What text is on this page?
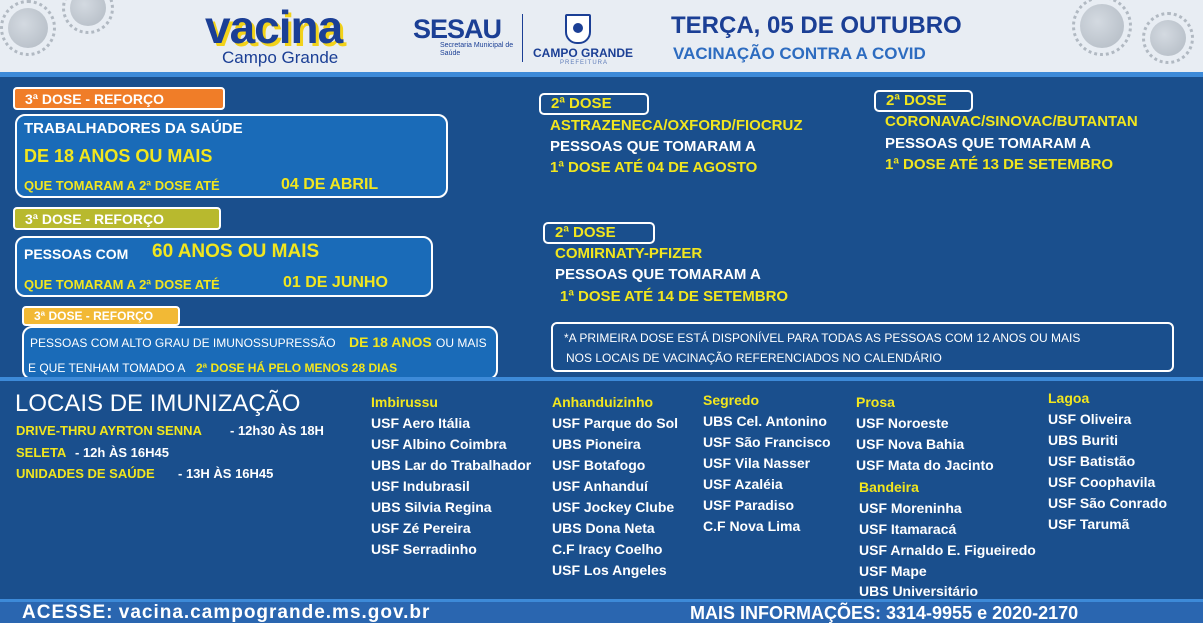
vacina
Campo Grande
SESAU
Secretaria Municipal de Saúde	CAMPO GRANDE
PREFEITURA
TERÇA, 05 DE OUTUBRO
VACINAÇÃO CONTRA A COVID
3ª DOSE - REFORÇO
TRABALHADORES DA SAÚDE
DE 18 ANOS OU MAIS
QUE TOMARAM A 2ª DOSE ATÉ	04 DE ABRIL
3ª DOSE - REFORÇO
PESSOAS COM 60 ANOS OU MAIS
QUE TOMARAM A 2ª DOSE ATÉ	01 DE JUNHO
3ª DOSE - REFORÇO
PESSOAS COM ALTO GRAU DE IMUNOSSUPRESSÃO DE 18 ANOS OU MAIS
E QUE TENHAM TOMADO A 2ª DOSE HÁ PELO MENOS 28 DIAS
2ª DOSE
ASTRAZENECA/OXFORD/FIOCRUZ
PESSOAS QUE TOMARAM A
1ª DOSE ATÉ 04 DE AGOSTO
2ª DOSE
CORONAVAC/SINOVAC/BUTANTAN
PESSOAS QUE TOMARAM A
1ª DOSE ATÉ 13 DE SETEMBRO
2ª DOSE
COMIRNATY-PFIZER
PESSOAS QUE TOMARAM A
1ª DOSE ATÉ 14 DE SETEMBRO
*A PRIMEIRA DOSE ESTÁ DISPONÍVEL PARA TODAS AS PESSOAS COM 12 ANOS OU MAIS
NOS LOCAIS DE VACINAÇÃO REFERENCIADOS NO CALENDÁRIO
LOCAIS DE IMUNIZAÇÃO
DRIVE-THRU AYRTON SENNA - 12h30 ÀS 18H
SELETA - 12h ÀS 16H45
UNIDADES DE SAÚDE - 13H ÀS 16H45
Imbirussu
USF Aero Itália
USF Albino Coimbra
UBS Lar do Trabalhador
USF Indubrasil
UBS Silvia Regina
USF Zé Pereira
USF Serradinho
Anhanduizinho
USF Parque do Sol
UBS Pioneira
USF Botafogo
USF Anhanduí
USF Jockey Clube
UBS Dona Neta
C.F Iracy Coelho
USF Los Angeles
Segredo
UBS Cel. Antonino
USF São Francisco
USF Vila Nasser
USF Azaléia
USF Paradiso
C.F Nova Lima
Prosa
USF Noroeste
USF Nova Bahia
USF Mata do Jacinto
Bandeira
USF Moreninha
USF Itamaracá
USF Arnaldo E. Figueiredo
USF Mape
UBS Universitário
Lagoa
USF Oliveira
UBS Buriti
USF Batistão
USF Coophavila
USF São Conrado
USF Tarumã
ACESSE: vacina.campogrande.ms.gov.br	MAIS INFORMAÇÕES: 3314-9955 e 2020-2170
